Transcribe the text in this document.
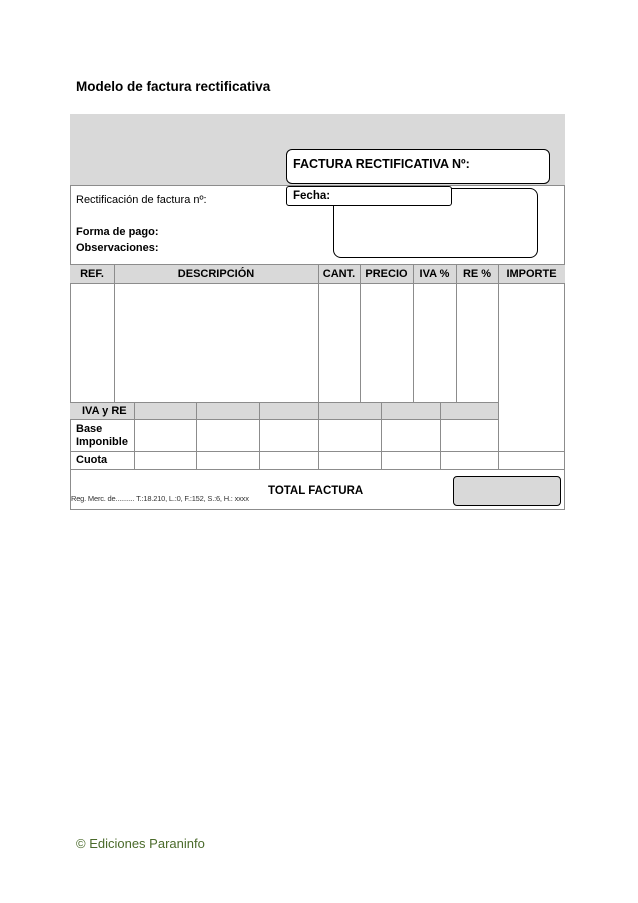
Modelo de factura rectificativa
FACTURA RECTIFICATIVA Nº:
Fecha:
Rectificación de factura nº:
Forma de pago:
Observaciones:
REF.	DESCRIPCIÓN	CANT. PRECIO	IVA %	RE %	IMPORTE
IVA y RE
Base Imponible
Cuota
Reg. Merc. de.......... T.:18.210, L.:0, F.:152, S.:6, H.: xxxx
TOTAL FACTURA
© Ediciones Paraninfo
